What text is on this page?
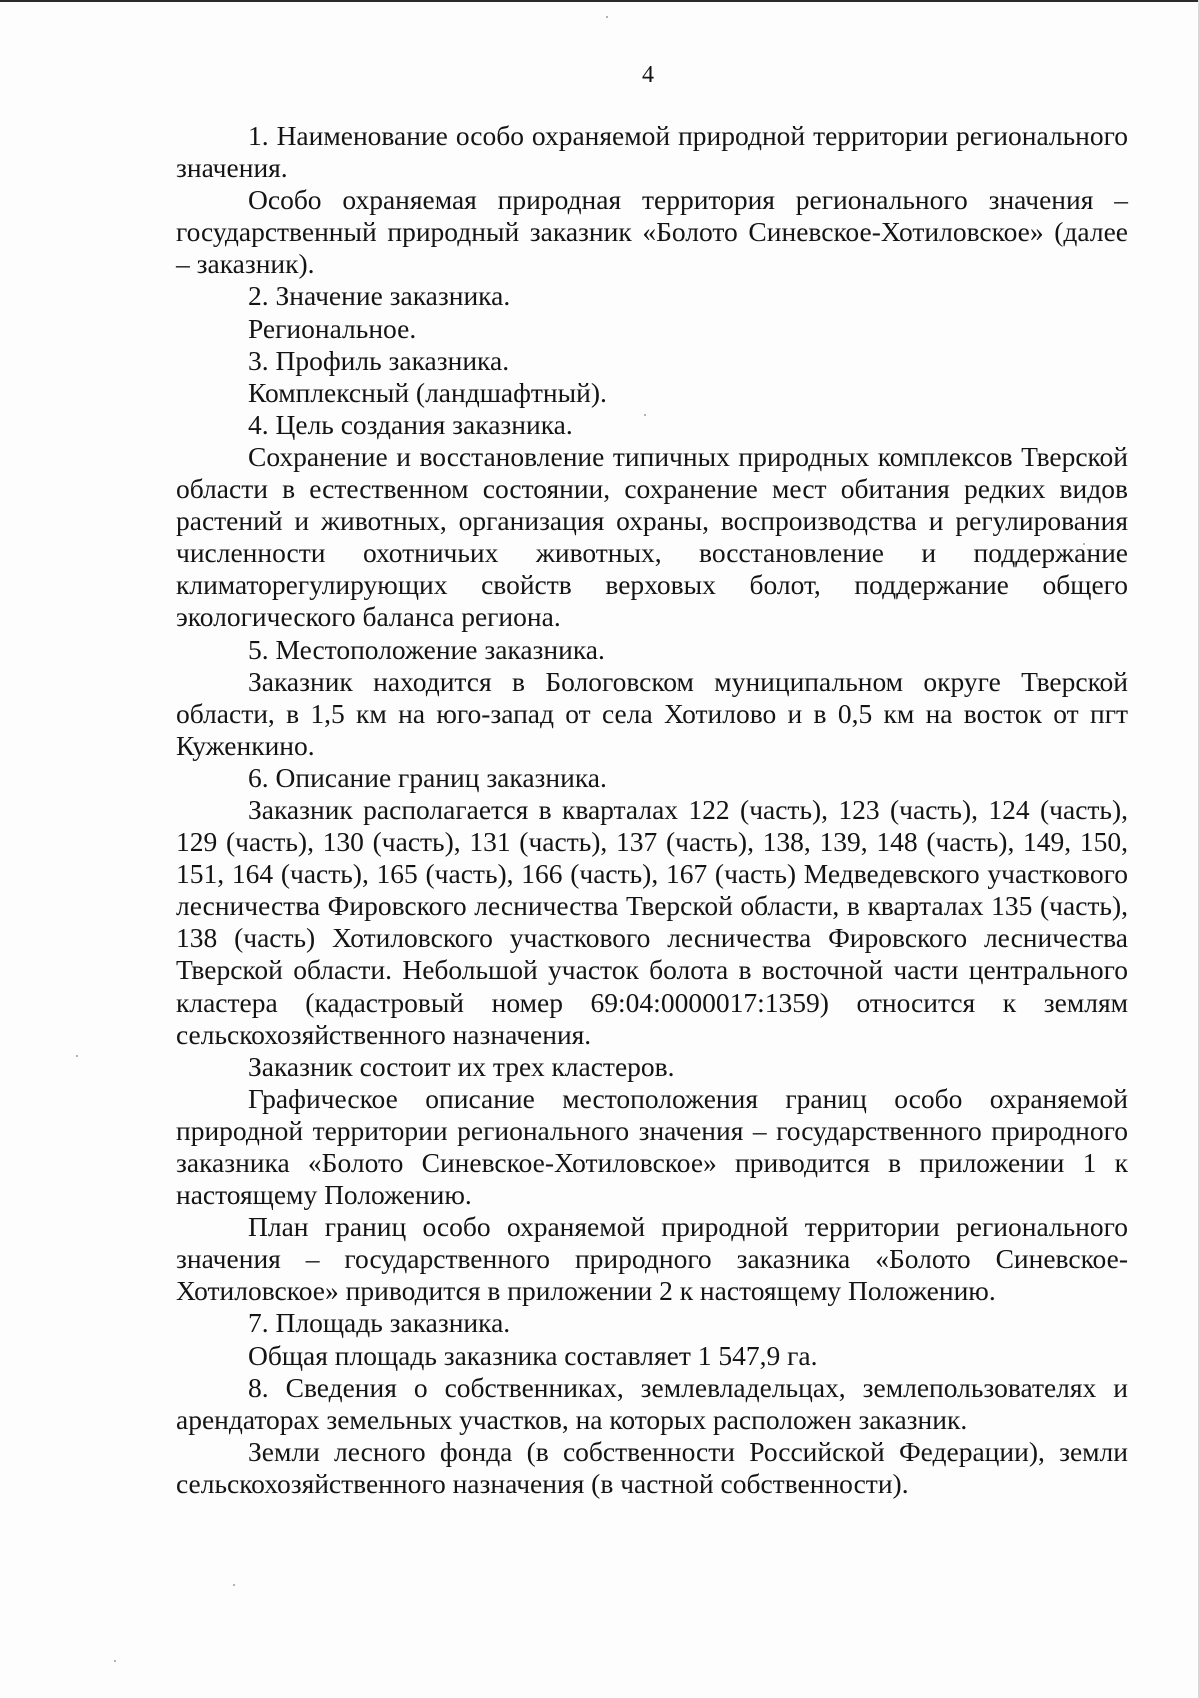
4

1. Наименование особо охраняемой природной территории регионального значения.

Особо охраняемая природная территория регионального значения – государственный природный заказник «Болото Синевское-Хотиловское» (далее – заказник).

2. Значение заказника.

Региональное.

3. Профиль заказника.

Комплексный (ландшафтный).

4. Цель создания заказника.

Сохранение и восстановление типичных природных комплексов Тверской области в естественном состоянии, сохранение мест обитания редких видов растений и животных, организация охраны, воспроизводства и регулирования численности охотничьих животных, восстановление и поддержание климаторегулирующих свойств верховых болот, поддержание общего экологического баланса региона.

5. Местоположение заказника.

Заказник находится в Бологовском муниципальном округе Тверской области, в 1,5 км на юго-запад от села Хотилово и в 0,5 км на восток от пгт Куженкино.

6. Описание границ заказника.

Заказник располагается в кварталах 122 (часть), 123 (часть), 124 (часть), 129 (часть), 130 (часть), 131 (часть), 137 (часть), 138, 139, 148 (часть), 149, 150, 151, 164 (часть), 165 (часть), 166 (часть), 167 (часть) Медведевского участкового лесничества Фировского лесничества Тверской области, в кварталах 135 (часть), 138 (часть) Хотиловского участкового лесничества Фировского лесничества Тверской области. Небольшой участок болота в восточной части центрального кластера (кадастровый номер 69:04:0000017:1359) относится к землям сельскохозяйственного назначения.

Заказник состоит их трех кластеров.

Графическое описание местоположения границ особо охраняемой природной территории регионального значения – государственного природного заказника «Болото Синевское-Хотиловское» приводится в приложении 1 к настоящему Положению.

План границ особо охраняемой природной территории регионального значения – государственного природного заказника «Болото Синевское-Хотиловское» приводится в приложении 2 к настоящему Положению.

7. Площадь заказника.

Общая площадь заказника составляет 1 547,9 га.

8. Сведения о собственниках, землевладельцах, землепользователях и арендаторах земельных участков, на которых расположен заказник.

Земли лесного фонда (в собственности Российской Федерации), земли сельскохозяйственного назначения (в частной собственности).
